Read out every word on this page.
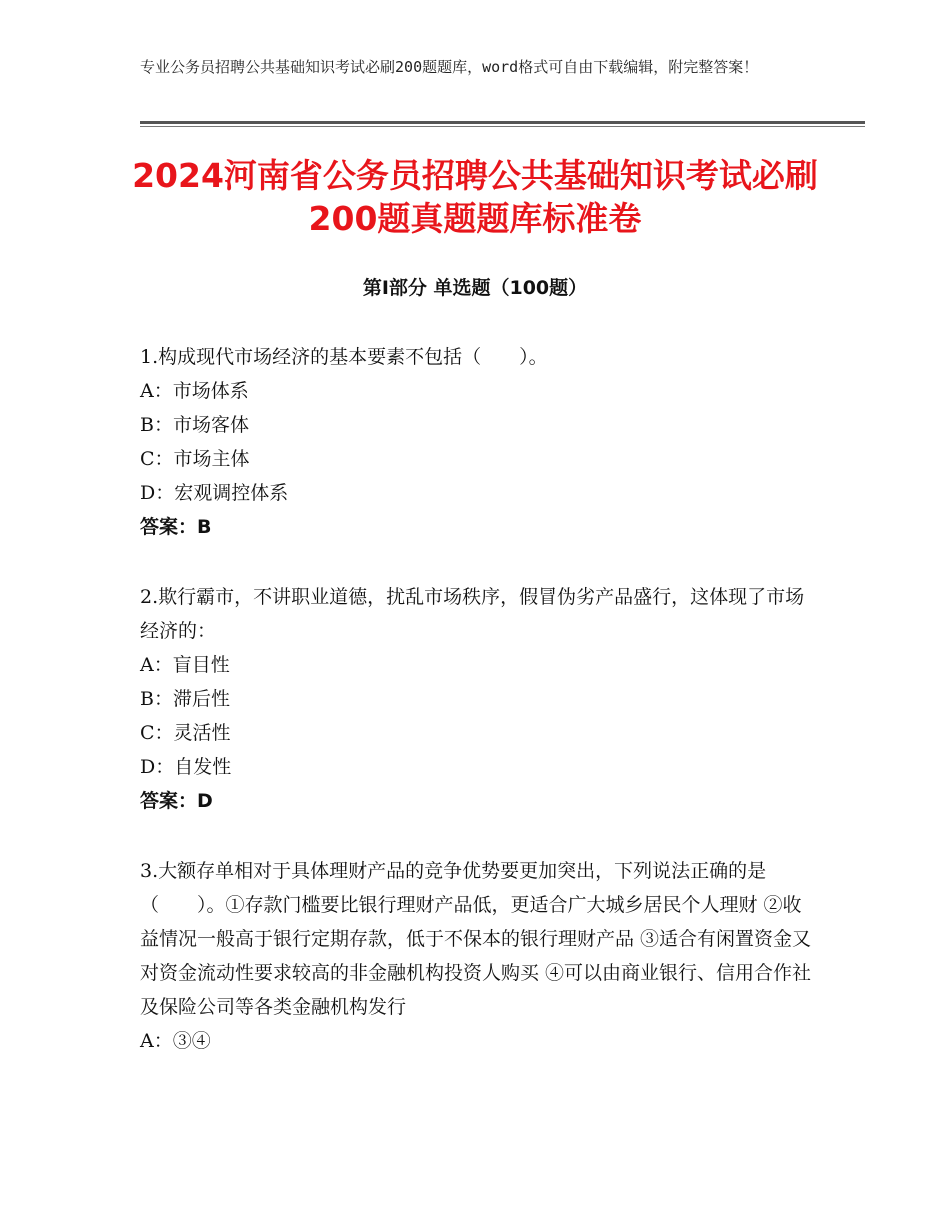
专业公务员招聘公共基础知识考试必刷200题题库，word格式可自由下载编辑，附完整答案！
2024河南省公务员招聘公共基础知识考试必刷200题真题题库标准卷
第Ⅰ部分 单选题（100题）

1.构成现代市场经济的基本要素不包括（　　）。

A：市场体系

B：市场客体

C：市场主体

D：宏观调控体系

答案：B

2.欺行霸市，不讲职业道德，扰乱市场秩序，假冒伪劣产品盛行，这体现了市场经济的：

A：盲目性

B：滞后性

C：灵活性

D：自发性

答案：D

3.大额存单相对于具体理财产品的竞争优势要更加突出，下列说法正确的是（　　）。①存款门槛要比银行理财产品低，更适合广大城乡居民个人理财 ②收益情况一般高于银行定期存款，低于不保本的银行理财产品 ③适合有闲置资金又对资金流动性要求较高的非金融机构投资人购买 ④可以由商业银行、信用合作社及保险公司等各类金融机构发行

A：③④
